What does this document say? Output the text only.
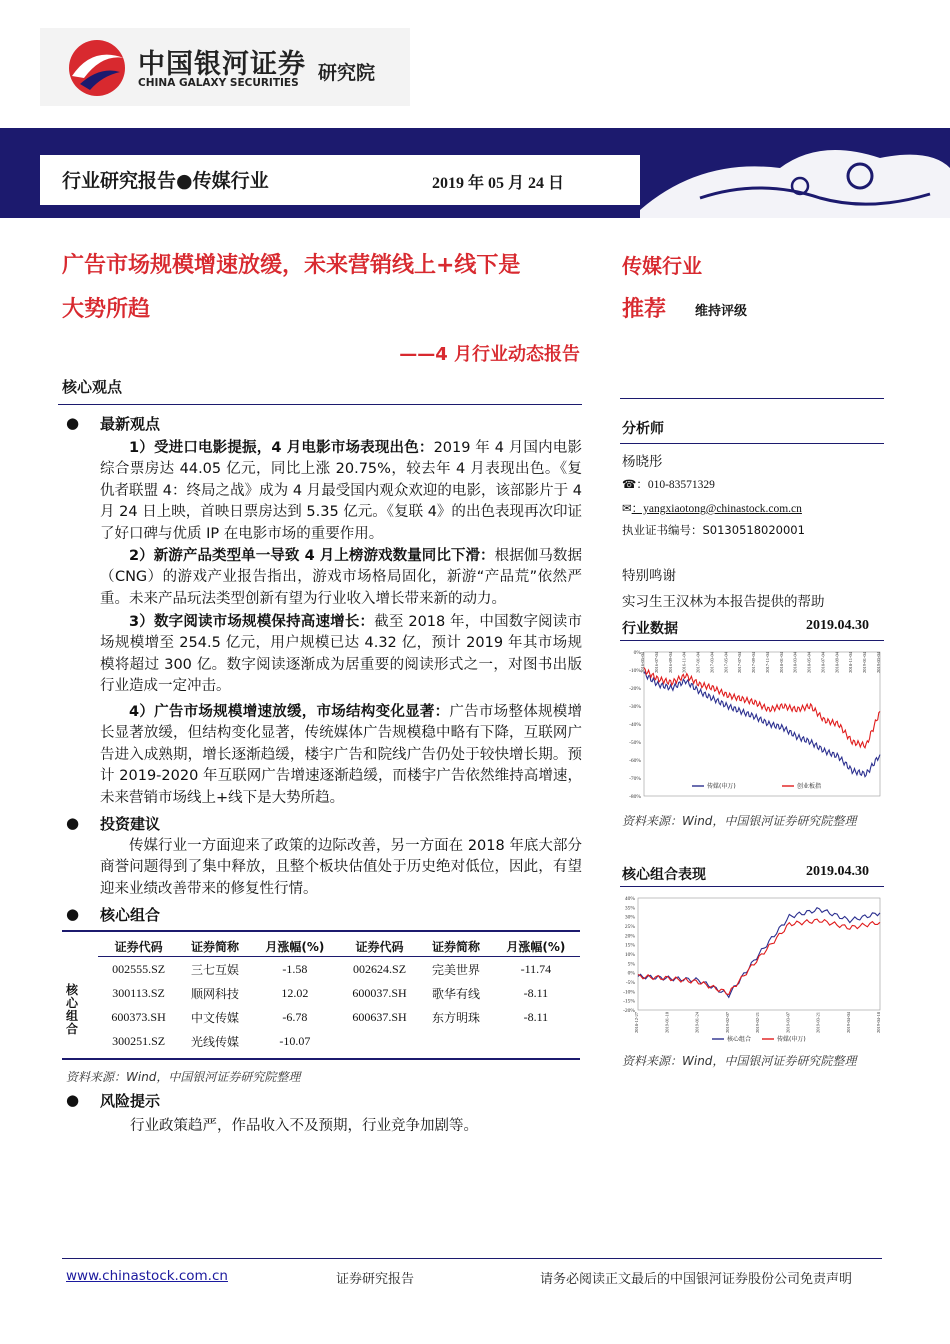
中国银河证券
CHINA GALAXY SECURITIES 研究院
行业研究报告●传媒行业	2019 年 05 月 24 日
广告市场规模增速放缓，未来营销线上+线下是
大势所趋
——4 月行业动态报告
传媒行业
推荐 维持评级
核心观点
● 最新观点
1）受进口电影提振，4 月电影市场表现出色：2019 年 4 月国内电影综合票房达 44.05 亿元，同比上涨 20.75%，较去年 4 月表现出色。《复仇者联盟 4：终局之战》成为 4 月最受国内观众欢迎的电影，该部影片于 4 月 24 日上映，首映日票房达到 5.35 亿元。《复联 4》的出色表现再次印证了好口碑与优质 IP 在电影市场的重要作用。
2）新游产品类型单一导致 4 月上榜游戏数量同比下滑：根据伽马数据（CNG）的游戏产业报告指出，游戏市场格局固化，新游“产品荒”依然严重。未来产品玩法类型创新有望为行业收入增长带来新的动力。
3）数字阅读市场规模保持高速增长：截至 2018 年，中国数字阅读市场规模增至 254.5 亿元，用户规模已达 4.32 亿，预计 2019 年其市场规模将超过 300 亿。数字阅读逐渐成为居重要的阅读形式之一，对图书出版行业造成一定冲击。
4）广告市场规模增速放缓，市场结构变化显著：广告市场整体规模增长显著放缓，但结构变化显著，传统媒体广告规模稳中略有下降，互联网广告进入成熟期，增长逐渐趋缓，楼宇广告和院线广告仍处于较快增长期。预计 2019-2020 年互联网广告增速逐渐趋缓，而楼宇广告依然维持高增速，未来营销市场线上+线下是大势所趋。
● 投资建议
传媒行业一方面迎来了政策的边际改善，另一方面在 2018 年底大部分商誉问题得到了集中释放，且整个板块估值处于历史绝对低位，因此，有望迎来业绩改善带来的修复性行情。
● 核心组合
核心组合
证券代码	证券简称	月涨幅(%)	证券代码	证券简称	月涨幅(%)
002555.SZ	三七互娱	-1.58	002624.SZ	完美世界	-11.74
300113.SZ	顺网科技	12.02	600037.SH	歌华有线	-8.11
600373.SH	中文传媒	-6.78	600637.SH	东方明珠	-8.11
300251.SZ	光线传媒	-10.07			
资料来源：Wind，中国银河证券研究院整理
● 风险提示
行业政策趋严，作品收入不及预期，行业竞争加剧等。
分析师
杨晓彤
☎：010-83571329
✉：yangxiaotong@chinastock.com.cn
执业证书编号：S0130518020001
特别鸣谢
实习生王汉林为本报告提供的帮助
行业数据	2019.04.30
0%
-10%
-20%
-30%
-40%
-50%
-60%
-70%
-80%
2016-05-04 2016-07-04 2016-09-04 2016-11-04 2017-01-04 2017-03-04 2017-05-04 2017-07-04 2017-09-04 2017-11-04 2018-01-04 2018-03-04 2018-05-04 2018-07-04 2018-09-04 2018-11-04 2019-01-04 2019-03-04
传媒(申万)	创业板指
资料来源：Wind，中国银河证券研究院整理
核心组合表现	2019.04.30
40%
35%
30%
25%
20%
15%
10%
5%
0%
-5%
-10%
-15%
-20%
2018-12-27	2019-01-10	2019-01-24	2019-02-07	2019-02-21	2019-03-07	2019-03-21	2019-04-04	2019-04-18
核心组合	传媒(申万)
资料来源：Wind，中国银河证券研究院整理
www.chinastock.com.cn	证券研究报告	请务必阅读正文最后的中国银河证券股份公司免责声明
